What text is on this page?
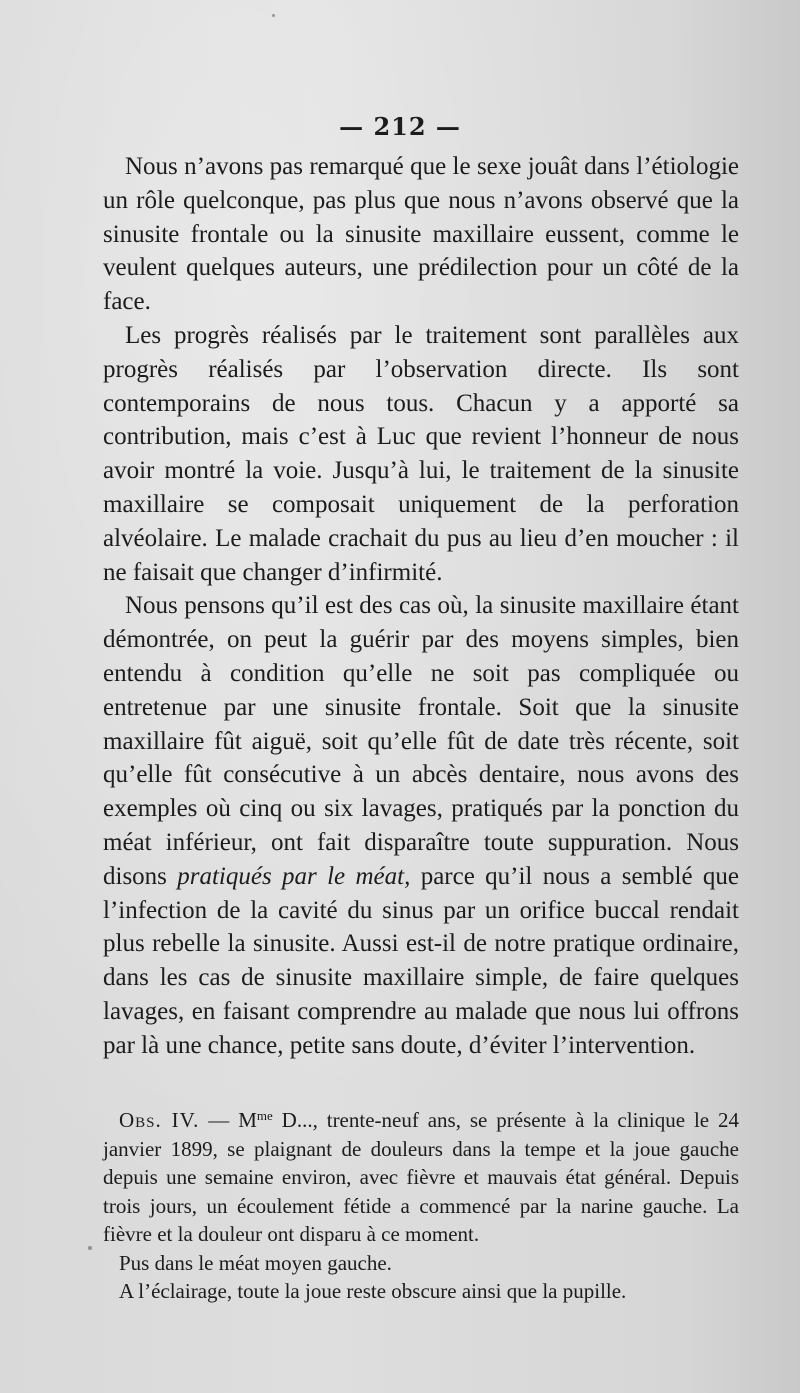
— 212 —

Nous n’avons pas remarqué que le sexe jouât dans l’étiologie un rôle quelconque, pas plus que nous n’avons observé que la sinusite frontale ou la sinusite maxillaire eussent, comme le veulent quelques auteurs, une prédilection pour un côté de la face.

Les progrès réalisés par le traitement sont parallèles aux progrès réalisés par l’observation directe. Ils sont contemporains de nous tous. Chacun y a apporté sa contribution, mais c’est à Luc que revient l’honneur de nous avoir montré la voie. Jusqu’à lui, le traitement de la sinusite maxillaire se composait uniquement de la perforation alvéolaire. Le malade crachait du pus au lieu d’en moucher : il ne faisait que changer d’infirmité.

Nous pensons qu’il est des cas où, la sinusite maxillaire étant démontrée, on peut la guérir par des moyens simples, bien entendu à condition qu’elle ne soit pas compliquée ou entretenue par une sinusite frontale. Soit que la sinusite maxillaire fût aiguë, soit qu’elle fût de date très récente, soit qu’elle fût consécutive à un abcès dentaire, nous avons des exemples où cinq ou six lavages, pratiqués par la ponction du méat inférieur, ont fait disparaître toute suppuration. Nous disons pratiqués par le méat, parce qu’il nous a semblé que l’infection de la cavité du sinus par un orifice buccal rendait plus rebelle la sinusite. Aussi est-il de notre pratique ordinaire, dans les cas de sinusite maxillaire simple, de faire quelques lavages, en faisant comprendre au malade que nous lui offrons par là une chance, petite sans doute, d’éviter l’intervention.

Obs. IV. — $M^{me}$ D..., trente-neuf ans, se présente à la clinique le 24 janvier 1899, se plaignant de douleurs dans la tempe et la joue gauche depuis une semaine environ, avec fièvre et mauvais état général. Depuis trois jours, un écoulement fétide a commencé par la narine gauche. La fièvre et la douleur ont disparu à ce moment.

Pus dans le méat moyen gauche.

A l’éclairage, toute la joue reste obscure ainsi que la pupille.
